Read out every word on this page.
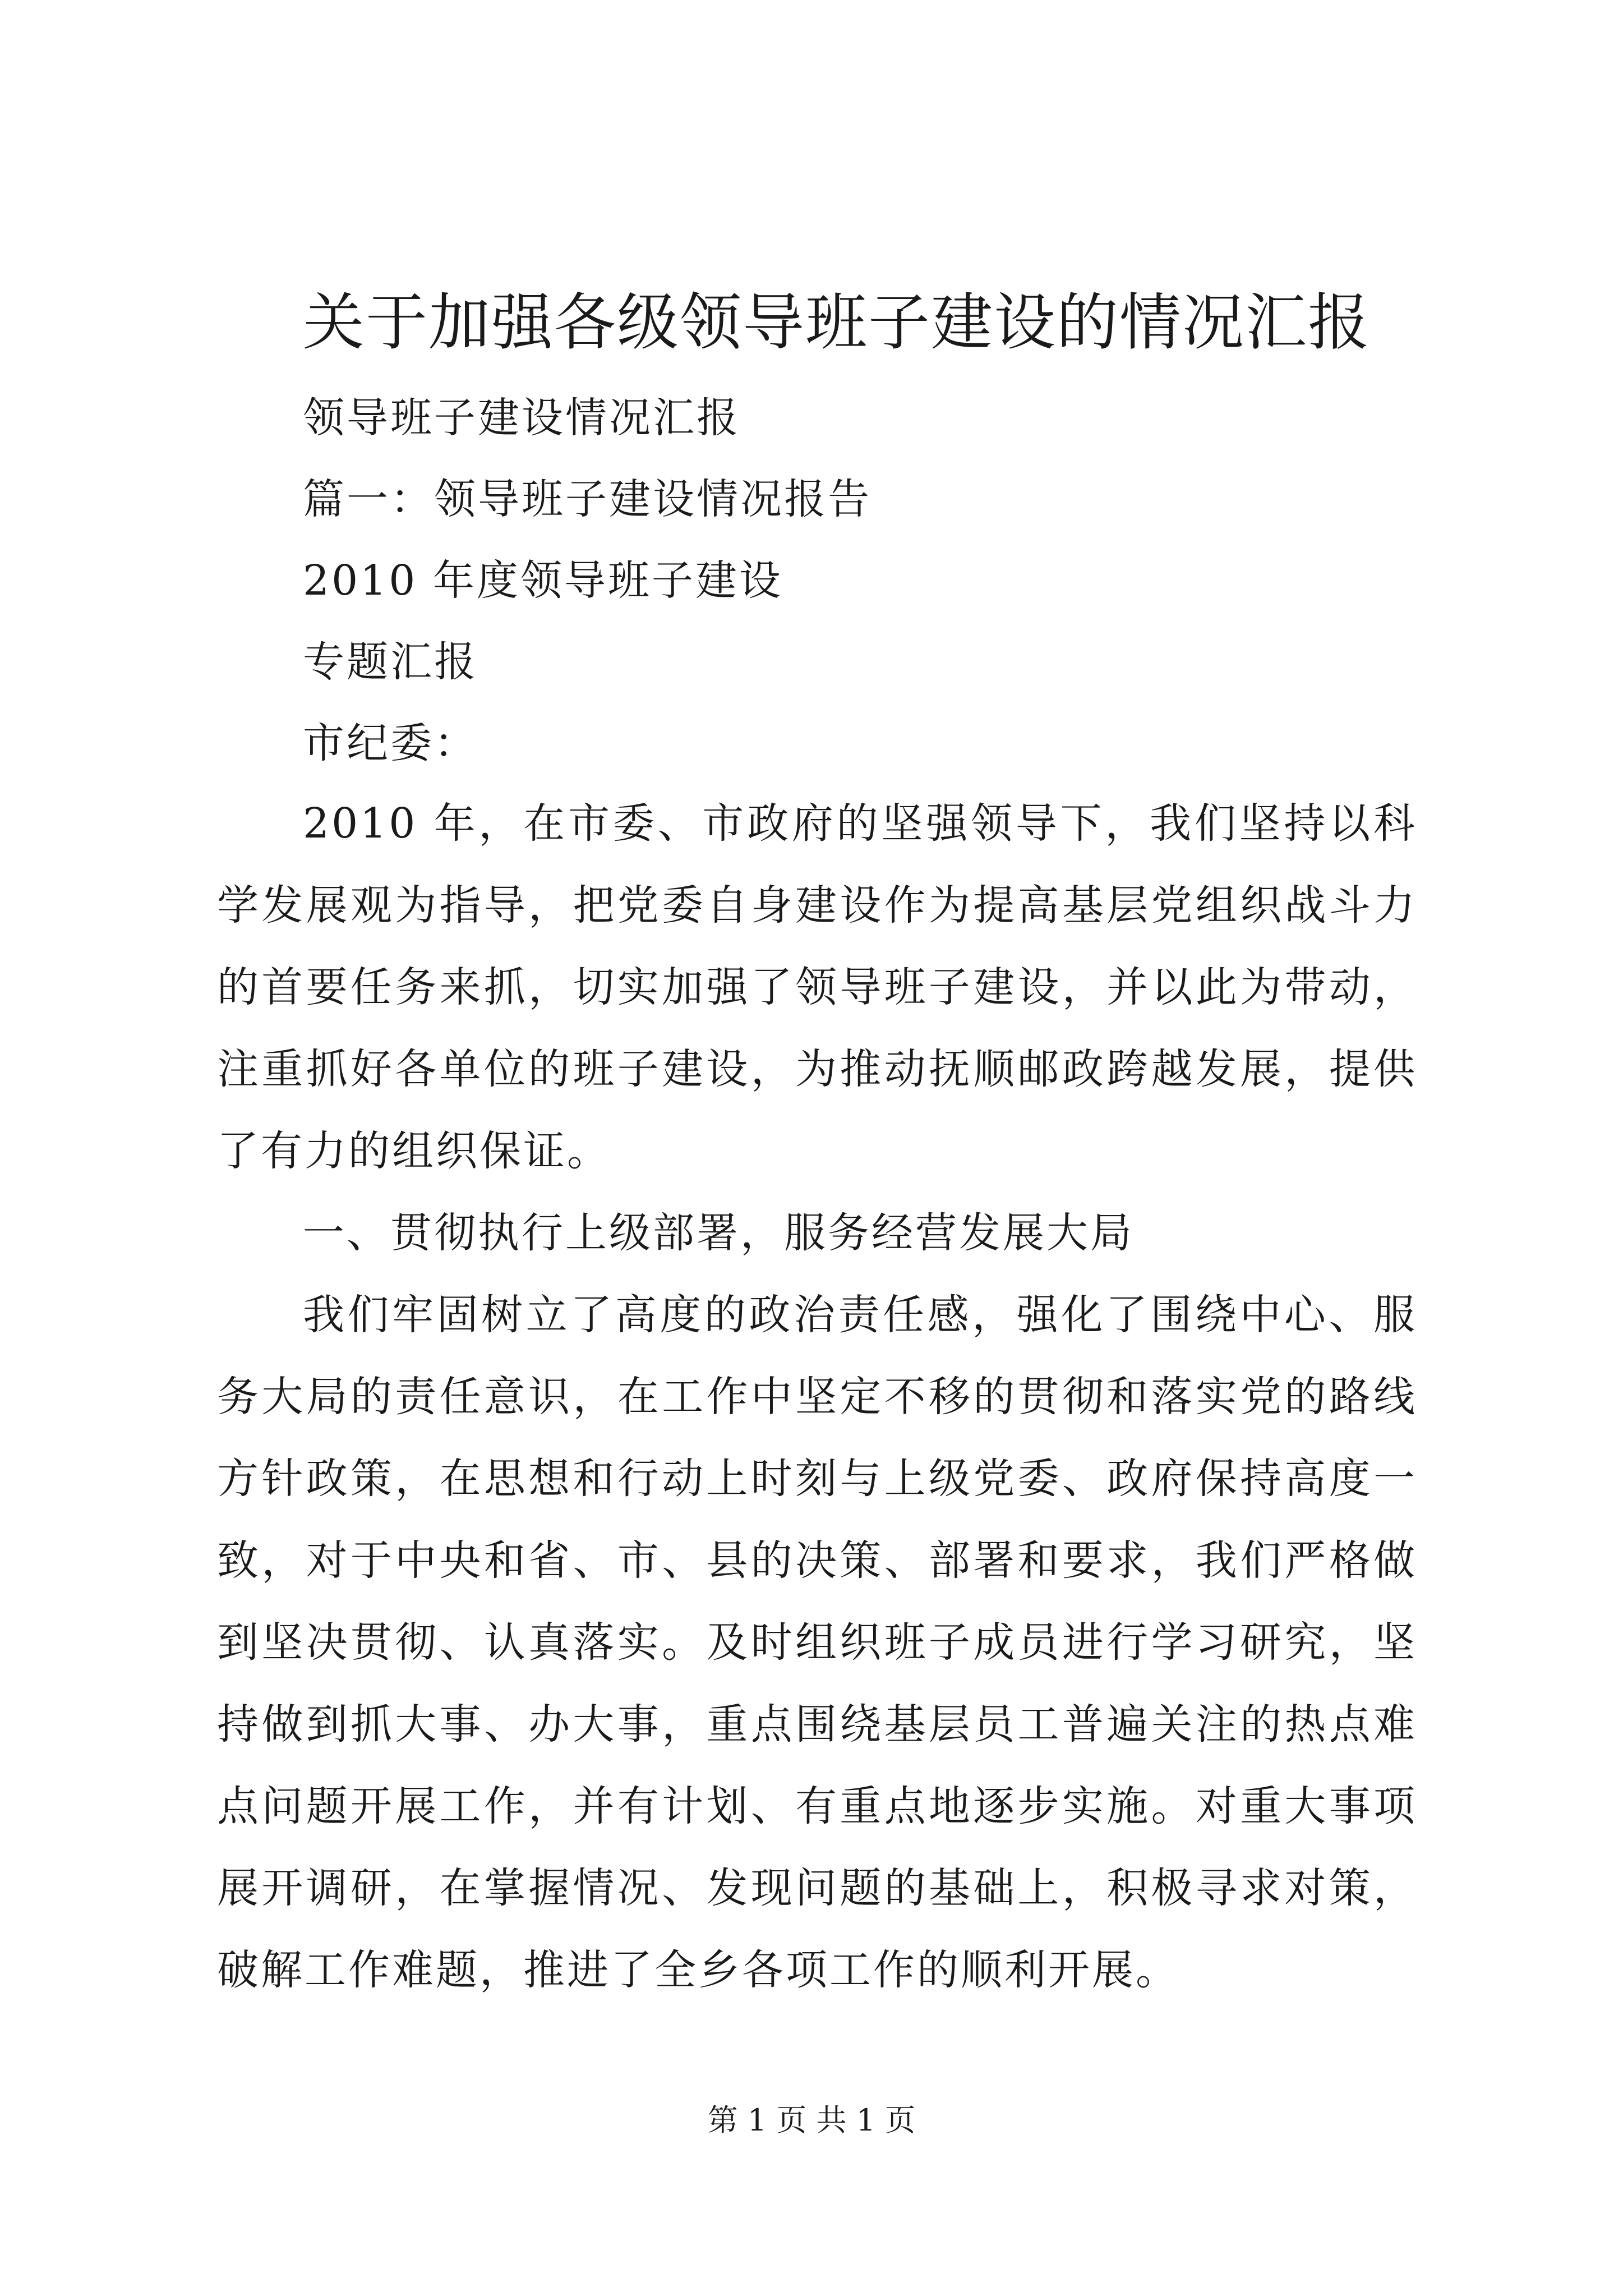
关于加强各级领导班子建设的情况汇报

领导班子建设情况汇报

篇一：领导班子建设情况报告

2010 年度领导班子建设

专题汇报

市纪委：

2010 年，在市委、市政府的坚强领导下，我们坚持以科学发展观为指导，把党委自身建设作为提高基层党组织战斗力的首要任务来抓，切实加强了领导班子建设，并以此为带动，注重抓好各单位的班子建设，为推动抚顺邮政跨越发展，提供了有力的组织保证。

一、贯彻执行上级部署，服务经营发展大局

我们牢固树立了高度的政治责任感，强化了围绕中心、服务大局的责任意识，在工作中坚定不移的贯彻和落实党的路线方针政策，在思想和行动上时刻与上级党委、政府保持高度一致，对于中央和省、市、县的决策、部署和要求，我们严格做到坚决贯彻、认真落实。及时组织班子成员进行学习研究，坚持做到抓大事、办大事，重点围绕基层员工普遍关注的热点难点问题开展工作，并有计划、有重点地逐步实施。对重大事项展开调研，在掌握情况、发现问题的基础上，积极寻求对策，破解工作难题，推进了全乡各项工作的顺利开展。

第 1 页 共 1 页
